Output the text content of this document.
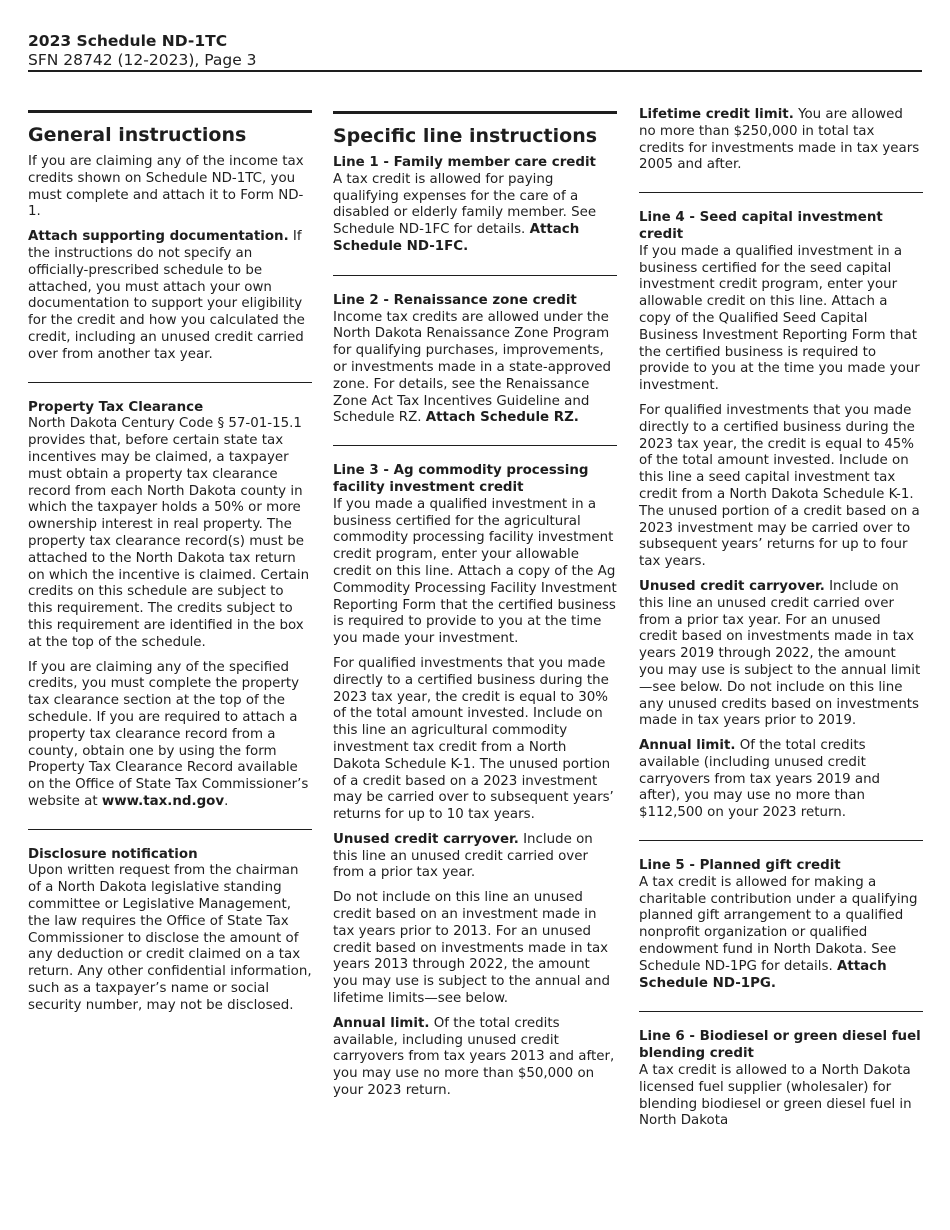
2023 Schedule ND-1TC
SFN 28742 (12-2023), Page 3
General instructions

If you are claiming any of the income tax credits shown on Schedule ND-1TC, you must complete and attach it to Form ND-1.

Attach supporting documentation. If the instructions do not specify an officially-prescribed schedule to be attached, you must attach your own documentation to support your eligibility for the credit and how you calculated the credit, including an unused credit carried over from another tax year.

Property Tax Clearance
North Dakota Century Code § 57-01-15.1 provides that, before certain state tax incentives may be claimed, a taxpayer must obtain a property tax clearance record from each North Dakota county in which the taxpayer holds a 50% or more ownership interest in real property. The property tax clearance record(s) must be attached to the North Dakota tax return on which the incentive is claimed. Certain credits on this schedule are subject to this requirement. The credits subject to this requirement are identified in the box at the top of the schedule.

If you are claiming any of the specified credits, you must complete the property tax clearance section at the top of the schedule. If you are required to attach a property tax clearance record from a county, obtain one by using the form Property Tax Clearance Record available on the Office of State Tax Commissioner’s website at www.tax.nd.gov.

Disclosure notification
Upon written request from the chairman of a North Dakota legislative standing committee or Legislative Management, the law requires the Office of State Tax Commissioner to disclose the amount of any deduction or credit claimed on a tax return. Any other confidential information, such as a taxpayer’s name or social security number, may not be disclosed.

Specific line instructions

Line 1 - Family member care credit
A tax credit is allowed for paying qualifying expenses for the care of a disabled or elderly family member. See Schedule ND-1FC for details. Attach Schedule ND-1FC.

Line 2 - Renaissance zone credit
Income tax credits are allowed under the North Dakota Renaissance Zone Program for qualifying purchases, improvements, or investments made in a state-approved zone. For details, see the Renaissance Zone Act Tax Incentives Guideline and Schedule RZ. Attach Schedule RZ.

Line 3 - Ag commodity processing facility investment credit
If you made a qualified investment in a business certified for the agricultural commodity processing facility investment credit program, enter your allowable credit on this line. Attach a copy of the Ag Commodity Processing Facility Investment Reporting Form that the certified business is required to provide to you at the time you made your investment.

For qualified investments that you made directly to a certified business during the 2023 tax year, the credit is equal to 30% of the total amount invested. Include on this line an agricultural commodity investment tax credit from a North Dakota Schedule K-1. The unused portion of a credit based on a 2023 investment may be carried over to subsequent years’ returns for up to 10 tax years.

Unused credit carryover. Include on this line an unused credit carried over from a prior tax year.

Do not include on this line an unused credit based on an investment made in tax years prior to 2013. For an unused credit based on investments made in tax years 2013 through 2022, the amount you may use is subject to the annual and lifetime limits—see below.

Annual limit. Of the total credits available, including unused credit carryovers from tax years 2013 and after, you may use no more than $50,000 on your 2023 return.

Lifetime credit limit. You are allowed no more than $250,000 in total tax credits for investments made in tax years 2005 and after.

Line 4 - Seed capital investment credit
If you made a qualified investment in a business certified for the seed capital investment credit program, enter your allowable credit on this line. Attach a copy of the Qualified Seed Capital Business Investment Reporting Form that the certified business is required to provide to you at the time you made your investment.

For qualified investments that you made directly to a certified business during the 2023 tax year, the credit is equal to 45% of the total amount invested. Include on this line a seed capital investment tax credit from a North Dakota Schedule K-1. The unused portion of a credit based on a 2023 investment may be carried over to subsequent years’ returns for up to four tax years.

Unused credit carryover. Include on this line an unused credit carried over from a prior tax year. For an unused credit based on investments made in tax years 2019 through 2022, the amount you may use is subject to the annual limit—see below. Do not include on this line any unused credits based on investments made in tax years prior to 2019.

Annual limit. Of the total credits available (including unused credit carryovers from tax years 2019 and after), you may use no more than $112,500 on your 2023 return.

Line 5 - Planned gift credit
A tax credit is allowed for making a charitable contribution under a qualifying planned gift arrangement to a qualified nonprofit organization or qualified endowment fund in North Dakota. See Schedule ND-1PG for details. Attach Schedule ND-1PG.

Line 6 - Biodiesel or green diesel fuel blending credit
A tax credit is allowed to a North Dakota licensed fuel supplier (wholesaler) for blending biodiesel or green diesel fuel in North Dakota
